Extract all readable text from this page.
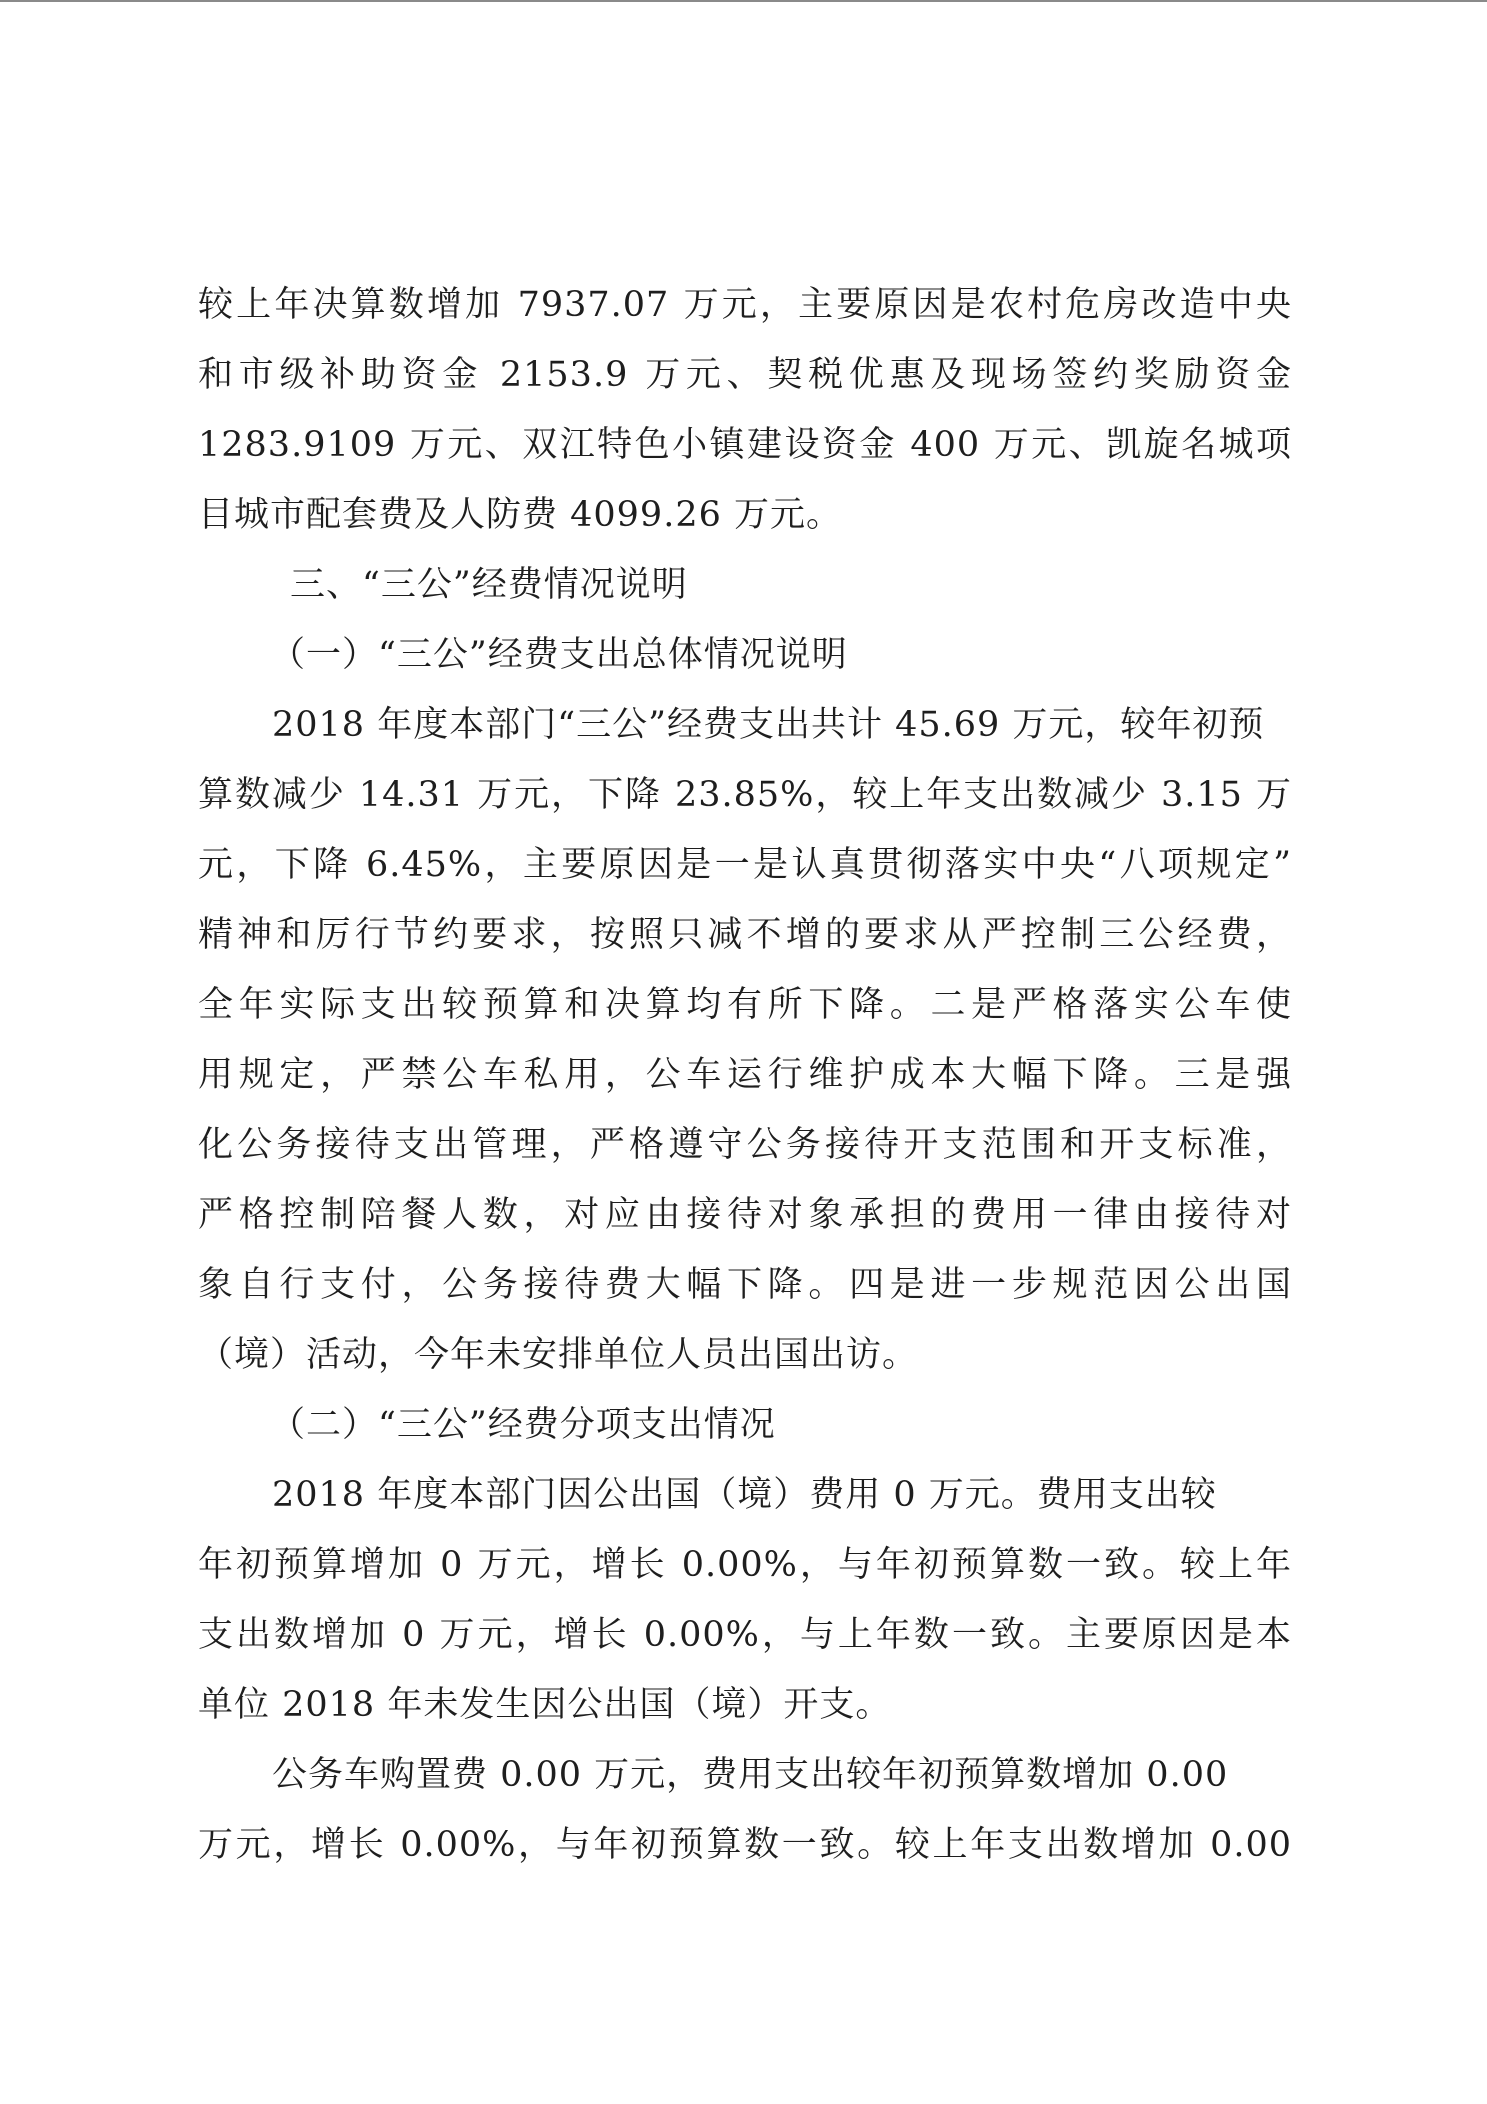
较上年决算数增加 7937.07 万元，主要原因是农村危房改造中央
和市级补助资金 2153.9 万元、契税优惠及现场签约奖励资金
1283.9109 万元、双江特色小镇建设资金 400 万元、凯旋名城项
目城市配套费及人防费 4099.26 万元。
三、“三公”经费情况说明
（一）“三公”经费支出总体情况说明
2018 年度本部门“三公”经费支出共计 45.69 万元，较年初预
算数减少 14.31 万元，下降 23.85%，较上年支出数减少 3.15 万
元，下降 6.45%，主要原因是一是认真贯彻落实中央“八项规定”
精神和厉行节约要求，按照只减不增的要求从严控制三公经费，
全年实际支出较预算和决算均有所下降。二是严格落实公车使
用规定，严禁公车私用，公车运行维护成本大幅下降。三是强
化公务接待支出管理，严格遵守公务接待开支范围和开支标准，
严格控制陪餐人数，对应由接待对象承担的费用一律由接待对
象自行支付，公务接待费大幅下降。四是进一步规范因公出国
（境）活动，今年未安排单位人员出国出访。
（二）“三公”经费分项支出情况
2018 年度本部门因公出国（境）费用 0 万元。费用支出较
年初预算增加 0 万元，增长 0.00%，与年初预算数一致。较上年
支出数增加 0 万元，增长 0.00%，与上年数一致。主要原因是本
单位 2018 年未发生因公出国（境）开支。
公务车购置费 0.00 万元，费用支出较年初预算数增加 0.00
万元，增长 0.00%，与年初预算数一致。较上年支出数增加 0.00
